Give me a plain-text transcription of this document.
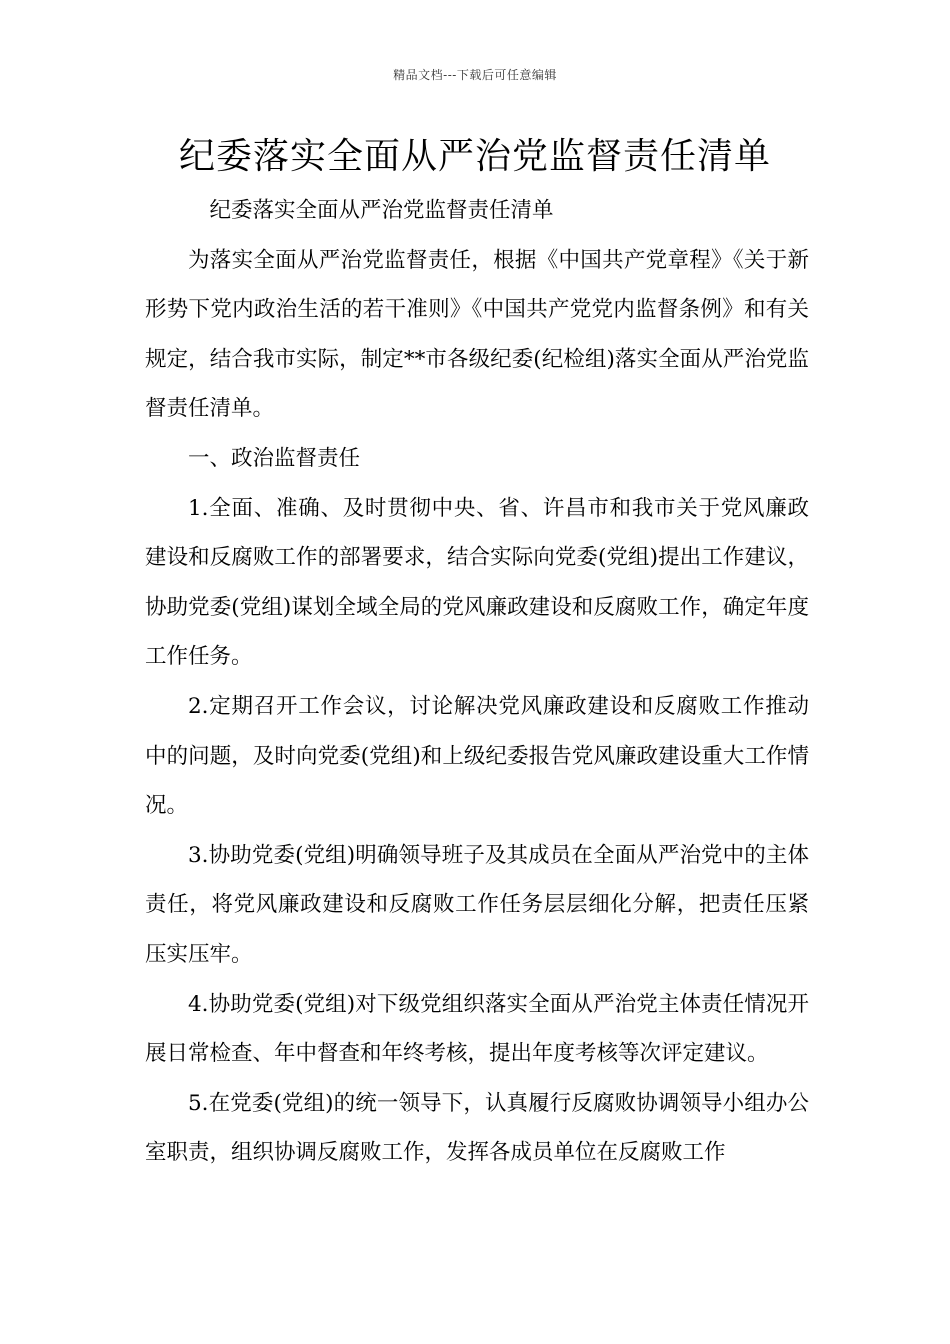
精品文档---下载后可任意编辑
纪委落实全面从严治党监督责任清单

纪委落实全面从严治党监督责任清单

为落实全面从严治党监督责任，根据《中国共产党章程》《关于新形势下党内政治生活的若干准则》《中国共产党党内监督条例》和有关规定，结合我市实际，制定**市各级纪委(纪检组)落实全面从严治党监督责任清单。

一、政治监督责任

1.全面、准确、及时贯彻中央、省、许昌市和我市关于党风廉政建设和反腐败工作的部署要求，结合实际向党委(党组)提出工作建议，协助党委(党组)谋划全域全局的党风廉政建设和反腐败工作，确定年度工作任务。

2.定期召开工作会议，讨论解决党风廉政建设和反腐败工作推动中的问题，及时向党委(党组)和上级纪委报告党风廉政建设重大工作情况。

3.协助党委(党组)明确领导班子及其成员在全面从严治党中的主体责任，将党风廉政建设和反腐败工作任务层层细化分解，把责任压紧压实压牢。

4.协助党委(党组)对下级党组织落实全面从严治党主体责任情况开展日常检查、年中督查和年终考核，提出年度考核等次评定建议。

5.在党委(党组)的统一领导下，认真履行反腐败协调领导小组办公室职责，组织协调反腐败工作，发挥各成员单位在反腐败工作
